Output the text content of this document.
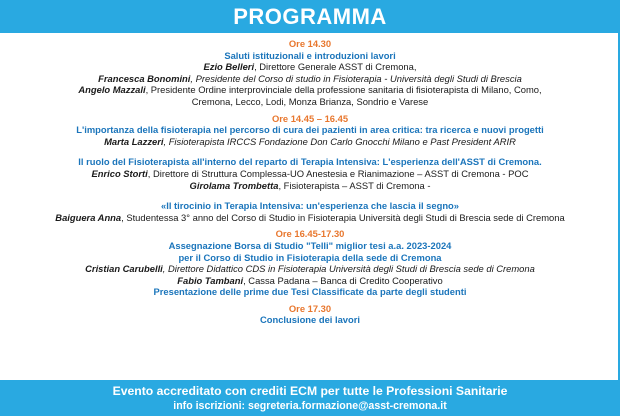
PROGRAMMA
Ore 14.30
Saluti istituzionali e introduzioni lavori
Ezio Belleri, Direttore Generale ASST di Cremona,
Francesca Bonomini, Presidente del Corso di studio in Fisioterapia - Università degli Studi di Brescia
Angelo Mazzali, Presidente Ordine interprovinciale della professione sanitaria di fisioterapista di Milano, Como, Cremona, Lecco, Lodi, Monza Brianza, Sondrio e Varese
Ore 14.45 – 16.45
L'importanza della fisioterapia nel percorso di cura dei pazienti in area critica: tra ricerca e nuovi progetti
Marta Lazzeri, Fisioterapista IRCCS Fondazione Don Carlo Gnocchi Milano e Past President ARIR
Il ruolo del Fisioterapista all'interno del reparto di Terapia Intensiva: L'esperienza dell'ASST di Cremona.
Enrico Storti, Direttore di Struttura Complessa-UO Anestesia e Rianimazione – ASST di Cremona - POC
Girolama Trombetta, Fisioterapista – ASST di Cremona -
«Il tirocinio in Terapia Intensiva: un'esperienza che lascia il segno»
Baiguera Anna, Studentessa 3° anno del Corso di Studio in Fisioterapia Università degli Studi di Brescia sede di Cremona
Ore 16.45-17.30
Assegnazione Borsa di Studio "Telli" miglior tesi a.a. 2023-2024
per il Corso di Studio in Fisioterapia della sede di Cremona
Cristian Carubelli, Direttore Didattico CDS in Fisioterapia Università degli Studi di Brescia sede di Cremona
Fabio Tambani, Cassa Padana – Banca di Credito Cooperativo
Presentazione delle prime due Tesi Classificate da parte degli studenti
Ore 17.30
Conclusione dei lavori
Evento accreditato con crediti ECM per tutte le Professioni Sanitarie
info iscrizioni: segreteria.formazione@asst-cremona.it
